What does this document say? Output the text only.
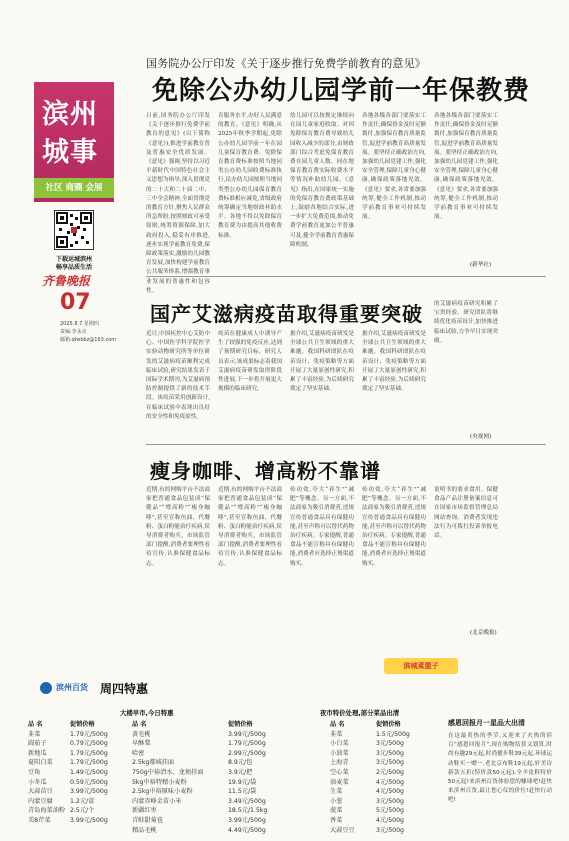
滨州
城事
社区 商圈 会展
下载运城滨州
畅享品质生活
齐鲁晚报
07
2025.8.7 星期四
责编:李永亮
邮箱:qlwbbz@163.com
国务院办公厅印发《关于逐步推行免费学前教育的意见》
免除公办幼儿园学前一年保教费
日前,国务院办公厅印发《关于逐步推行免费学前教育的意见》(以下简称《意见》),推进学前教育普及普惠安全优质发展。《意见》强调,坚持以习近平新时代中国特色社会主义思想为指导,深入贯彻党的二十大和二十届二中、三中全会精神,全面贯彻党的教育方针,聚焦人民群众所急所盼,按照财政可承受原则,统筹资源保障,加大政府投入,稳妥有序推进,逐步实现学前教育免费,保障政策落实,激励幼儿园教育发展,加快构建学前教育公共服务体系,增强教育事业发展的普惠性和包容性。
育服务水平,办好人民满意的教育。《意见》明确,从2025年秋季学期起,免除公办幼儿园学前一年在园儿童保育教育费。免除保育教育费标准按照当地同类公办幼儿园收费标准执行,民办幼儿园按照当地同类型公办幼儿园保育教育费标准相应减免,省级政府统筹确定当地财政补助水平。各地不得以免除保育教育费为由提高其他收费标准。
幼儿园可以按规定继续向在园儿童家庭收取。对因免除保育教育费导致幼儿园收入减少的部分,由财政部门综合考虑免保育教育费在园儿童人数、同在地保育教育费实际收费水平等情况补助幼儿园。《意见》指出,在国家统一实施的免保育教育费政策基础上,鼓励各地结合实际,进一步扩大免费范围,推动免费学前教育更加公平普惠可及,健全学前教育普惠保障机制。
各地各级各部门要落实工作责任,确保资金及时足额拨付,加强保育教育质量监管,促进学前教育高质量发展。要坚持正确政治方向,加强幼儿园党建工作,强化安全管理,保障儿童身心健康,确保政策落地见效。《意见》要求,各省要加强统筹,健全工作机制,推动学前教育事业可持续发展。
各地各级各部门要落实工作责任,确保资金及时足额拨付,加强保育教育质量监管,促进学前教育高质量发展。要坚持正确政治方向,加强幼儿园党建工作,强化安全管理,保障儿童身心健康,确保政策落地见效。《意见》要求,各省要加强统筹,健全工作机制,推动学前教育事业可持续发展。
(新华社)
国产艾滋病疫苗取得重要突破
近日,中国疾控中心艾防中心、中国医学科学院医学实验动物研究所等单位研发的艾滋病疫苗顺利完成临床试验,研究结果发表于国际学术期刊,为艾滋病预防控制提供了新的技术手段。该疫苗采用创新设计,在临床试验中表现出良好的安全性和免疫原性。
疫苗在健康成人中诱导产生了较强的免疫反应,达到了预期研究目标。研究人员表示,该成果标志着我国艾滋病疫苗研发取得阶段性进展,下一步将开展更大规模的临床研究。
据介绍,艾滋病疫苗研发是全球公共卫生领域的重大难题。我国科研团队在疫苗设计、免疫策略等方面开展了大量原创性研究,积累了丰富经验,为后续研究奠定了坚实基础。
据介绍,艾滋病疫苗研发是全球公共卫生领域的重大难题。我国科研团队在疫苗设计、免疫策略等方面开展了大量原创性研究,积累了丰富经验,为后续研究奠定了坚实基础。
的艾滋病疫苗研究积累了宝贵经验。研究团队将继续优化疫苗设计,加快推进临床试验,力争早日实现突破。
(央视网)
瘦身咖啡、增高粉不靠谱
近期,有的网购平台不法商家把普通食品包装成“保健品”“增高粉”“瘦身咖啡”,甚至宣称鱼油、代餐粉、蛋白粉能治疗疾病,误导消费者购买。市场监管部门提醒,消费者要理性看待宣传,认准保健食品标志。
近期,有的网购平台不法商家把普通食品包装成“保健品”“增高粉”“瘦身咖啡”,甚至宣称鱼油、代餐粉、蛋白粉能治疗疾病,误导消费者购买。市场监管部门提醒,消费者要理性看待宣传,认准保健食品标志。
传功效,夸大“养生”“减肥”等概念。另一方面,不法商家为吸引消费者,违规宣传普通食品具有保健功能,甚至声称可以替代药物治疗疾病。专家提醒,普通食品不能宣称具有保健功能,消费者应选择正规渠道购买。
传功效,夸大“养生”“减肥”等概念。另一方面,不法商家为吸引消费者,违规宣传普通食品具有保健功能,甚至声称可以替代药物治疗疾病。专家提醒,普通食品不能宣称具有保健功能,消费者应选择正规渠道购买。
说明书的要求食用。保健食品产品注册备案信息可在国家市场监督管理总局网站查询。消费者发现违法行为可拨打投诉举报电话。
(北京晚报)
滨城菜篮子
滨州百货 周四特惠
大楼早市,今日特惠	夜市特价处理,部分菜品出清
品 名	促销价格
韭菜	1.79元/500g
圆茄子	0.79元/500g
新地瓜	1.79元/500g
夏阳白菜	1.79元/500g
豆角	1.49元/500g
小冬瓜	0.59元/500g
大蒜苗豆	3.99元/500g
内蒙豆腐	1.2元/盒
青岛海菜油粉 2.5元/个
美8芹菜	3.99元/500g
品 名	促销价格
黄毛桃	3.99元/500g
早酥梨	1.79元/500g
哈密	2.99元/500g
2.5kg都城挂面	8.9元/包
750g中裕清水、龙须挂面	3.9元/把
5kg中裕特精小麦粉	19.9元/袋
2.5kg中裕原味小麦粉	11.5元/袋
内蒙赤峰金苗小米	3.49元/500g
新疆红枣	18.5元/1.5kg
青蛙甜菊苞	3.99元/500g
精品毛桃	4.49元/500g
品 名	促销价格
韭菜	1.5元/500g
小白菜	3元/500g
小油菜	3元/500g
上海青	3元/500g
空心菜	2元/500g
油麦菜	4元/500g
生菜	4元/500g
小葱	3元/500g
菠菜	5元/500g
香菜	4元/500g
大蒜豆豆	3元/500g
感恩回报月一星品大出清
在这最炎热的季节,又迎来了火热的滨百“感恩回报月”,现在购物结算又划算,时尚有趣29元起,时尚健步鞋39元起,环球运动鞋买一赠一,老北京布鞋19元起,轩美诗新款五折(特价款50元起),全羊皮鞋特价50元起!来滨州百货体验您的赚球吧!赶快来滨州百货,最让您心仪的价位!赶快行动吧!
